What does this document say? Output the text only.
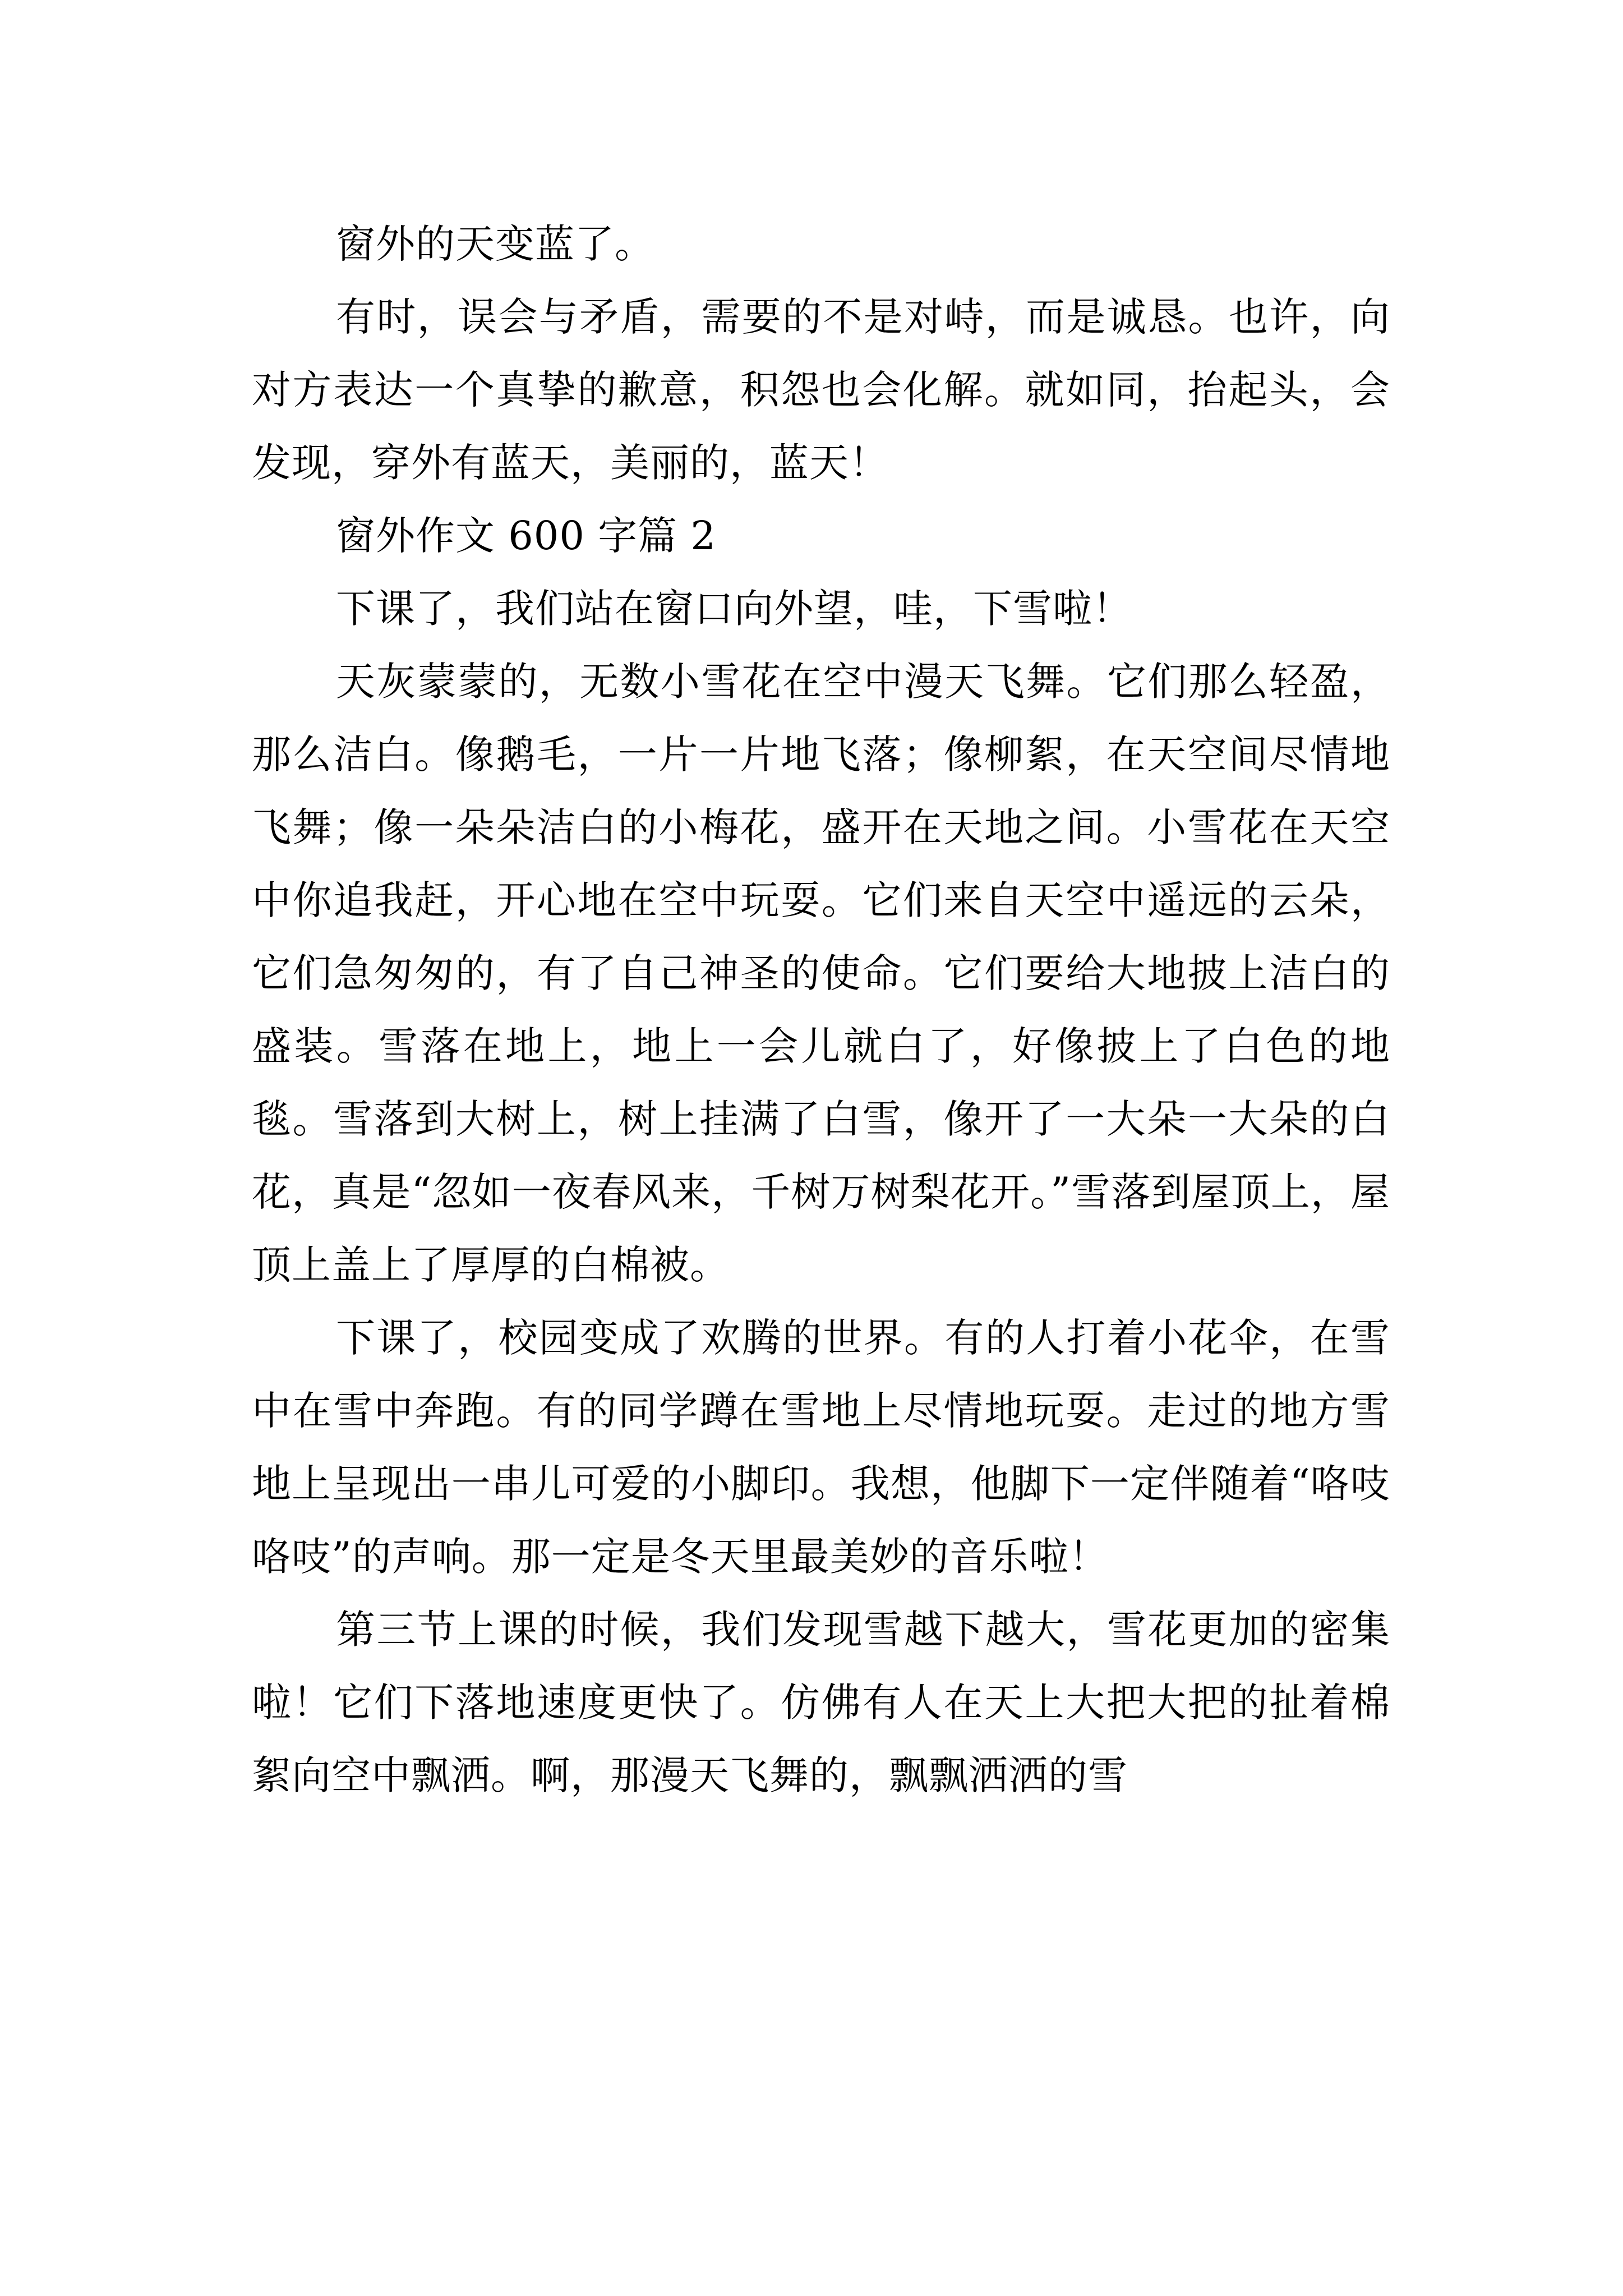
窗外的天变蓝了。

有时，误会与矛盾，需要的不是对峙，而是诚恳。也许，向对方表达一个真挚的歉意，积怨也会化解。就如同，抬起头，会发现，穿外有蓝天，美丽的，蓝天！

窗外作文 600 字篇 2

下课了，我们站在窗口向外望，哇，下雪啦！

天灰蒙蒙的，无数小雪花在空中漫天飞舞。它们那么轻盈，那么洁白。像鹅毛，一片一片地飞落；像柳絮，在天空间尽情地飞舞；像一朵朵洁白的小梅花，盛开在天地之间。小雪花在天空中你追我赶，开心地在空中玩耍。它们来自天空中遥远的云朵，它们急匆匆的，有了自己神圣的使命。它们要给大地披上洁白的盛装。雪落在地上，地上一会儿就白了，好像披上了白色的地毯。雪落到大树上，树上挂满了白雪，像开了一大朵一大朵的白花，真是“忽如一夜春风来，千树万树梨花开。”雪落到屋顶上，屋顶上盖上了厚厚的白棉被。

下课了，校园变成了欢腾的世界。有的人打着小花伞，在雪中在雪中奔跑。有的同学蹲在雪地上尽情地玩耍。走过的地方雪地上呈现出一串儿可爱的小脚印。我想，他脚下一定伴随着“咯吱咯吱”的声响。那一定是冬天里最美妙的音乐啦！

第三节上课的时候，我们发现雪越下越大，雪花更加的密集啦！它们下落地速度更快了。仿佛有人在天上大把大把的扯着棉絮向空中飘洒。啊，那漫天飞舞的，飘飘洒洒的雪
